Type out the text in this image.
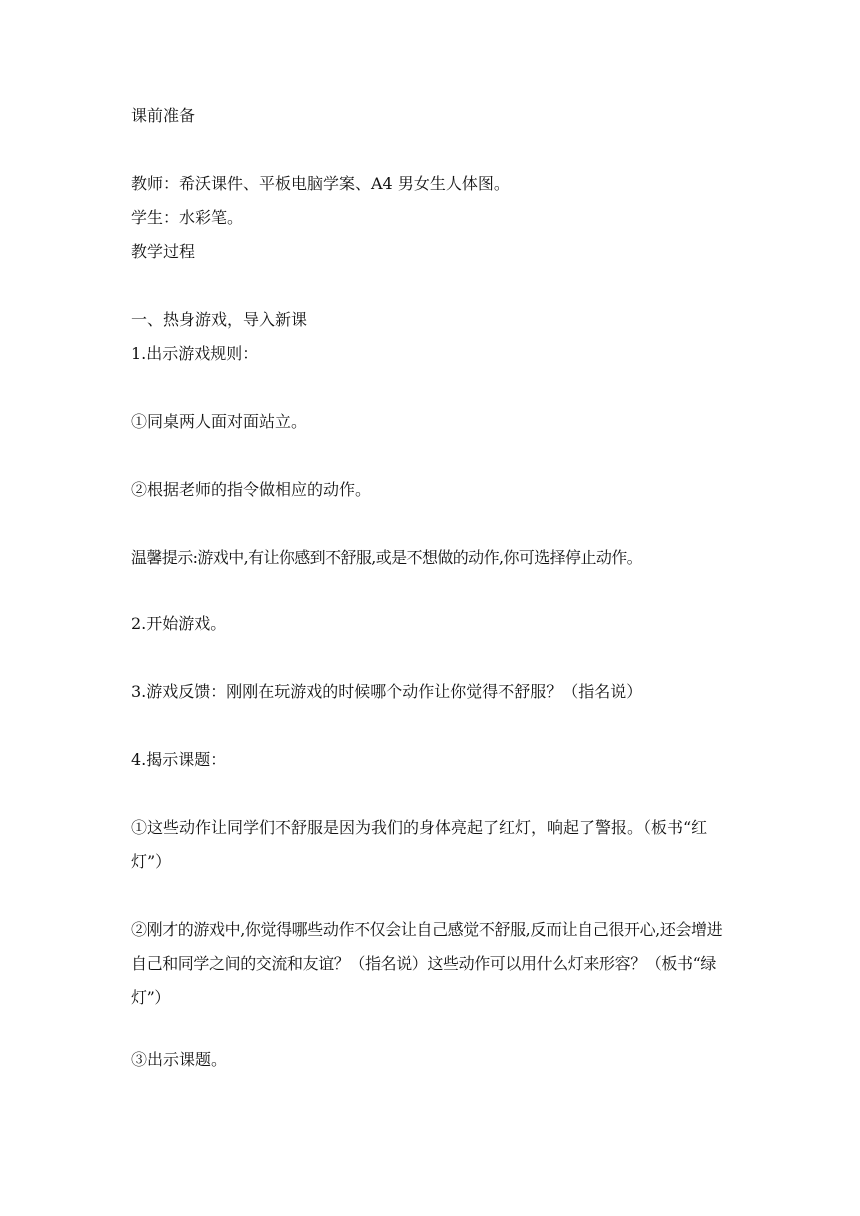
课前准备

教师：希沃课件、平板电脑学案、A4 男女生人体图。

学生：水彩笔。

教学过程

一、热身游戏，导入新课

1.出示游戏规则：

①同桌两人面对面站立。

②根据老师的指令做相应的动作。

温馨提示:游戏中,有让你感到不舒服,或是不想做的动作,你可选择停止动作。

2.开始游戏。

3.游戏反馈：刚刚在玩游戏的时候哪个动作让你觉得不舒服？（指名说）

4.揭示课题：

①这些动作让同学们不舒服是因为我们的身体亮起了红灯，响起了警报。（板书“红灯”）

②刚才的游戏中,你觉得哪些动作不仅会让自己感觉不舒服,反而让自己很开心,还会增进自己和同学之间的交流和友谊？（指名说）这些动作可以用什么灯来形容？（板书“绿灯”）

③出示课题。
